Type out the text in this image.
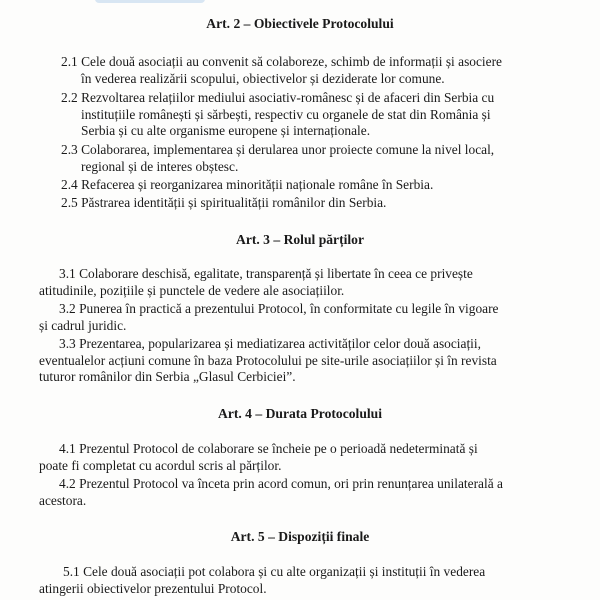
Art. 2 – Obiectivele Protocolului
2.1 Cele două asociații au convenit să colaboreze, schimb de informații și asociere
în vederea realizării scopului, obiectivelor și deziderate lor comune.
2.2 Rezvoltarea relațiilor mediului asociativ-românesc și de afaceri din Serbia cu
instituțiile românești și sărbești, respectiv cu organele de stat din România și
Serbia și cu alte organisme europene și internaționale.
2.3 Colaborarea, implementarea și derularea unor proiecte comune la nivel local,
regional și de interes obștesc.
2.4 Refacerea și reorganizarea minorității naționale române în Serbia.
2.5 Păstrarea identității și spiritualității românilor din Serbia.
Art. 3 – Rolul părților
3.1 Colaborare deschisă, egalitate, transparență și libertate în ceea ce privește
atitudinile, pozițiile și punctele de vedere ale asociațiilor.
3.2 Punerea în practică a prezentului Protocol, în conformitate cu legile în vigoare
și cadrul juridic.
3.3 Prezentarea, popularizarea și mediatizarea activităților celor două asociații,
eventualelor acțiuni comune în baza Protocolului pe site-urile asociațiilor și în revista
tuturor românilor din Serbia „Glasul Cerbiciei”.
Art. 4 – Durata Protocolului
4.1 Prezentul Protocol de colaborare se încheie pe o perioadă nedeterminată și
poate fi completat cu acordul scris al părților.
4.2 Prezentul Protocol va înceta prin acord comun, ori prin renunțarea unilaterală a
acestora.
Art. 5 – Dispoziții finale
5.1 Cele două asociații pot colabora și cu alte organizații și instituții în vederea
atingerii obiectivelor prezentului Protocol.
